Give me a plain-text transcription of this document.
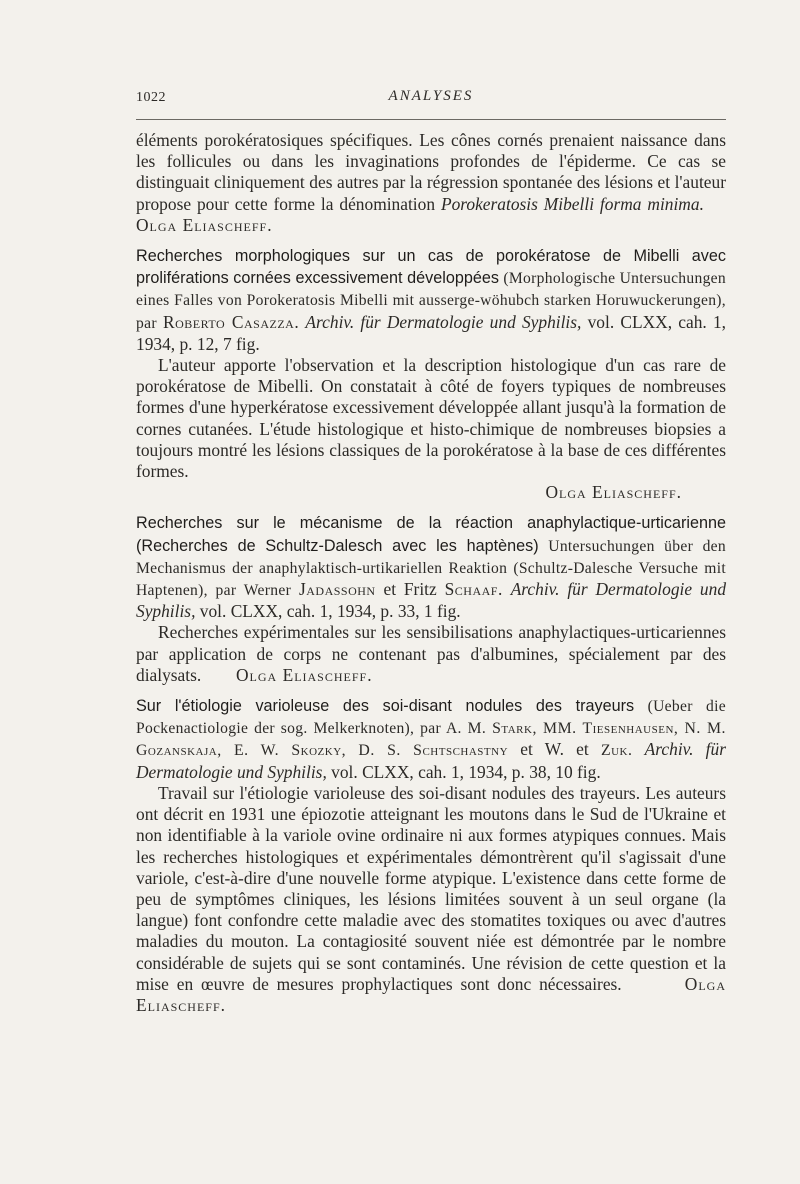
1022	ANALYSES

éléments porokératosiques spécifiques. Les cônes cornés prenaient naissance dans les follicules ou dans les invaginations profondes de l'épiderme. Ce cas se distinguait cliniquement des autres par la régression spontanée des lésions et l'auteur propose pour cette forme la dénomination Porokeratosis Mibelli forma minima.     Olga Eliascheff.

Recherches morphologiques sur un cas de porokératose de Mibelli avec proliférations cornées excessivement développées (Morphologische Untersuchungen eines Falles von Porokeratosis Mibelli mit ausserge-wöhubch starken Horuwuckerungen), par Roberto Casazza. Archiv. für Dermatologie und Syphilis, vol. CLXX, cah. 1, 1934, p. 12, 7 fig.

L'auteur apporte l'observation et la description histologique d'un cas rare de porokératose de Mibelli. On constatait à côté de foyers typiques de nombreuses formes d'une hyperkératose excessivement développée allant jusqu'à la formation de cornes cutanées. L'étude histologique et histo-chimique de nombreuses biopsies a toujours montré les lésions classiques de la porokératose à la base de ces différentes formes.

Olga Eliascheff.

Recherches sur le mécanisme de la réaction anaphylactique-urticarienne (Recherches de Schultz-Dalesch avec les haptènes) Untersuchungen über den Mechanismus der anaphylaktisch-urtikariellen Reaktion (Schultz-Dalesche Versuche mit Haptenen), par Werner Jadassohn et Fritz Schaaf. Archiv. für Dermatologie und Syphilis, vol. CLXX, cah. 1, 1934, p. 33, 1 fig.

Recherches expérimentales sur les sensibilisations anaphylactiques-urticariennes par application de corps ne contenant pas d'albumines, spécialement par des dialysats. Olga Eliascheff.

Sur l'étiologie varioleuse des soi-disant nodules des trayeurs (Ueber die Pockenactiologie der sog. Melkerknoten), par A. M. Stark, MM. Tiesenhausen, N. M. Gozanskaja, E. W. Skozky, D. S. Schtschastny et W. et Zuk. Archiv. für Dermatologie und Syphilis, vol. CLXX, cah. 1, 1934, p. 38, 10 fig.

Travail sur l'étiologie varioleuse des soi-disant nodules des trayeurs. Les auteurs ont décrit en 1931 une épiozotie atteignant les moutons dans le Sud de l'Ukraine et non identifiable à la variole ovine ordinaire ni aux formes atypiques connues. Mais les recherches histologiques et expérimentales démontrèrent qu'il s'agissait d'une variole, c'est-à-dire d'une nouvelle forme atypique. L'existence dans cette forme de peu de symptômes cliniques, les lésions limitées souvent à un seul organe (la langue) font confondre cette maladie avec des stomatites toxiques ou avec d'autres maladies du mouton. La contagiosité souvent niée est démontrée par le nombre considérable de sujets qui se sont contaminés. Une révision de cette question et la mise en œuvre de mesures prophylactiques sont donc nécessaires.	Olga Eliascheff.
